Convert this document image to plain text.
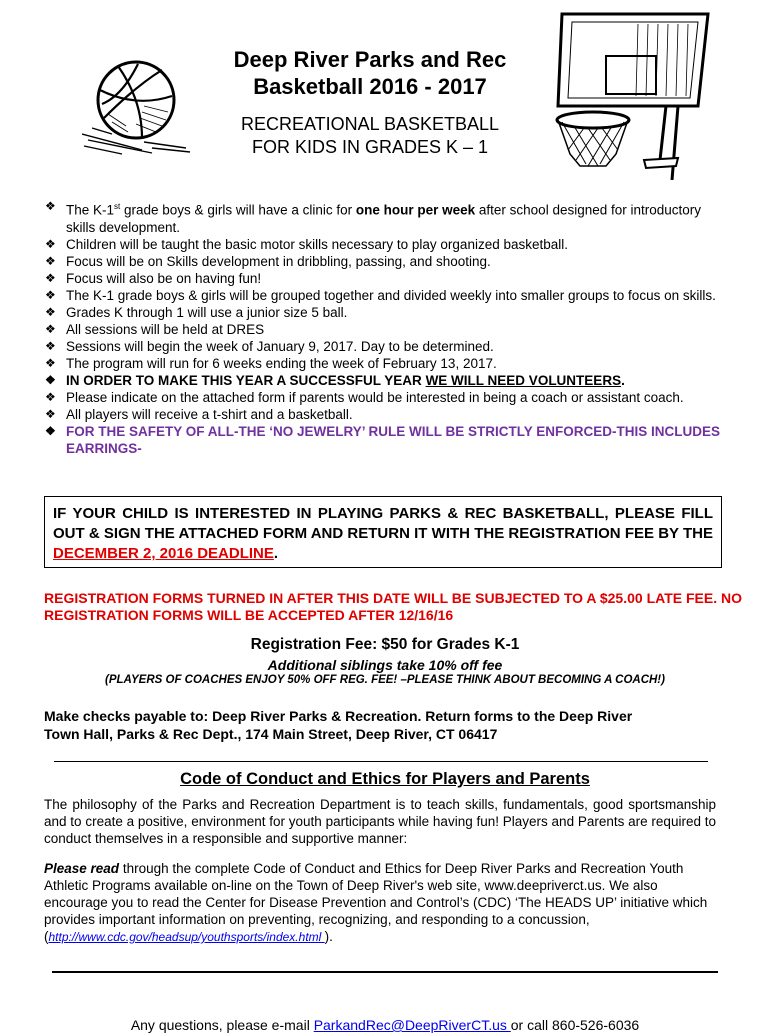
Deep River Parks and Rec
Basketball 2016 - 2017
RECREATIONAL BASKETBALL
FOR KIDS IN GRADES K – 1
❖ The K-1st grade boys & girls will have a clinic for one hour per week after school designed for introductory skills development.
❖ Children will be taught the basic motor skills necessary to play organized basketball.
❖ Focus will be on Skills development in dribbling, passing, and shooting.
❖ Focus will also be on having fun!
❖ The K-1 grade boys & girls will be grouped together and divided weekly into smaller groups to focus on skills.
❖ Grades K through 1 will use a junior size 5 ball.
❖ All sessions will be held at DRES
❖ Sessions will begin the week of January 9, 2017. Day to be determined.
❖ The program will run for 6 weeks ending the week of February 13, 2017.
❖ IN ORDER TO MAKE THIS YEAR A SUCCESSFUL YEAR WE WILL NEED VOLUNTEERS.
❖ Please indicate on the attached form if parents would be interested in being a coach or assistant coach.
❖ All players will receive a t-shirt and a basketball.
❖ FOR THE SAFETY OF ALL-THE ‘NO JEWELRY’ RULE WILL BE STRICTLY ENFORCED-THIS INCLUDES EARRINGS-
IF YOUR CHILD IS INTERESTED IN PLAYING PARKS & REC BASKETBALL, PLEASE FILL OUT & SIGN THE ATTACHED FORM AND RETURN IT WITH THE REGISTRATION FEE BY THE DECEMBER 2, 2016 DEADLINE.
REGISTRATION FORMS TURNED IN AFTER THIS DATE WILL BE SUBJECTED TO A $25.00 LATE FEE. NO REGISTRATION FORMS WILL BE ACCEPTED AFTER 12/16/16
Registration Fee: $50 for Grades K-1
Additional siblings take 10% off fee
(PLAYERS OF COACHES ENJOY 50% OFF REG. FEE! –PLEASE THINK ABOUT BECOMING A COACH!)
Make checks payable to: Deep River Parks & Recreation. Return forms to the Deep River
Town Hall, Parks & Rec Dept., 174 Main Street, Deep River, CT 06417
Code of Conduct and Ethics for Players and Parents
The philosophy of the Parks and Recreation Department is to teach skills, fundamentals, good sportsmanship and to create a positive, environment for youth participants while having fun! Players and Parents are required to conduct themselves in a responsible and supportive manner:
Please read through the complete Code of Conduct and Ethics for Deep River Parks and Recreation Youth Athletic Programs available on-line on the Town of Deep River's web site, www.deepriverct.us. We also encourage you to read the Center for Disease Prevention and Control’s (CDC) ‘The HEADS UP’ initiative which provides important information on preventing, recognizing, and responding to a concussion, (http://www.cdc.gov/headsup/youthsports/index.html ).
Any questions, please e-mail ParkandRec@DeepRiverCT.us or call 860-526-6036
